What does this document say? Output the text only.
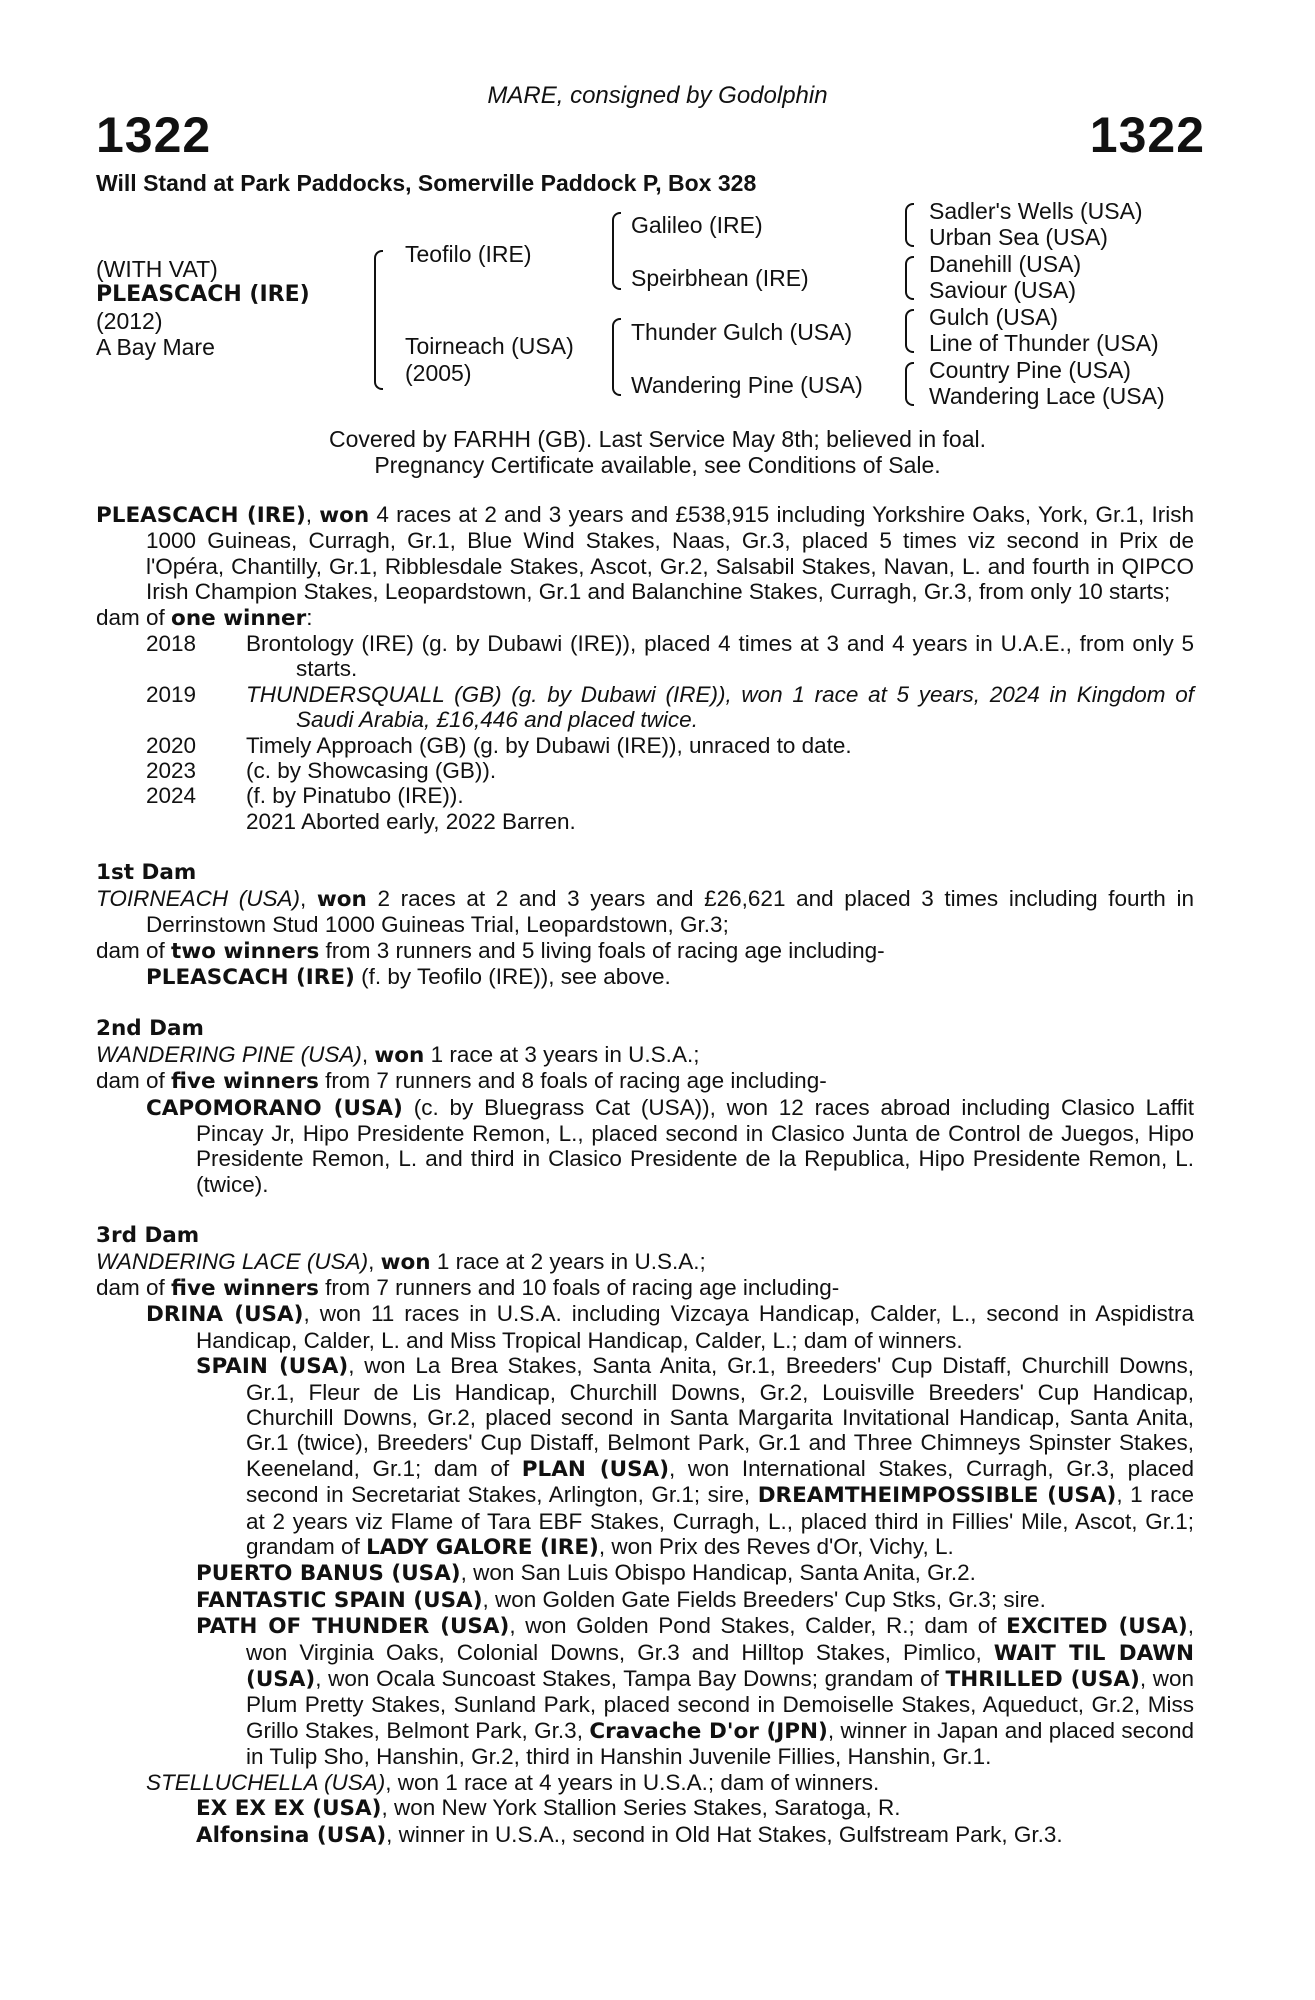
MARE, consigned by Godolphin
1322	1322
Will Stand at Park Paddocks, Somerville Paddock P, Box 328
(WITH VAT)
PLEASCACH (IRE)
(2012)
A Bay Mare
Teofilo (IRE)
Toirneach (USA)
(2005)
Galileo (IRE)
Speirbhean (IRE)
Thunder Gulch (USA)
Wandering Pine (USA)
Sadler's Wells (USA)
Urban Sea (USA)
Danehill (USA)
Saviour (USA)
Gulch (USA)
Line of Thunder (USA)
Country Pine (USA)
Wandering Lace (USA)
Covered by FARHH (GB). Last Service May 8th; believed in foal.
Pregnancy Certificate available, see Conditions of Sale.

PLEASCACH (IRE), won 4 races at 2 and 3 years and £538,915 including Yorkshire Oaks, York, Gr.1, Irish 1000 Guineas, Curragh, Gr.1, Blue Wind Stakes, Naas, Gr.3, placed 5 times viz second in Prix de l'Opéra, Chantilly, Gr.1, Ribblesdale Stakes, Ascot, Gr.2, Salsabil Stakes, Navan, L. and fourth in QIPCO Irish Champion Stakes, Leopardstown, Gr.1 and Balanchine Stakes, Curragh, Gr.3, from only 10 starts;

dam of one winner:

2018	Brontology (IRE) (g. by Dubawi (IRE)), placed 4 times at 3 and 4 years in U.A.E., from only 5 starts.
2019	THUNDERSQUALL (GB) (g. by Dubawi (IRE)), won 1 race at 5 years, 2024 in Kingdom of Saudi Arabia, £16,446 and placed twice.
2020	Timely Approach (GB) (g. by Dubawi (IRE)), unraced to date.
2023	(c. by Showcasing (GB)).
2024	(f. by Pinatubo (IRE)).
2021 Aborted early, 2022 Barren.

1st Dam

TOIRNEACH (USA), won 2 races at 2 and 3 years and £26,621 and placed 3 times including fourth in Derrinstown Stud 1000 Guineas Trial, Leopardstown, Gr.3;

dam of two winners from 3 runners and 5 living foals of racing age including-

PLEASCACH (IRE) (f. by Teofilo (IRE)), see above.

2nd Dam

WANDERING PINE (USA), won 1 race at 3 years in U.S.A.;

dam of five winners from 7 runners and 8 foals of racing age including-

CAPOMORANO (USA) (c. by Bluegrass Cat (USA)), won 12 races abroad including Clasico Laffit Pincay Jr, Hipo Presidente Remon, L., placed second in Clasico Junta de Control de Juegos, Hipo Presidente Remon, L. and third in Clasico Presidente de la Republica, Hipo Presidente Remon, L. (twice).

3rd Dam

WANDERING LACE (USA), won 1 race at 2 years in U.S.A.;

dam of five winners from 7 runners and 10 foals of racing age including-

DRINA (USA), won 11 races in U.S.A. including Vizcaya Handicap, Calder, L., second in Aspidistra Handicap, Calder, L. and Miss Tropical Handicap, Calder, L.; dam of winners.

SPAIN (USA), won La Brea Stakes, Santa Anita, Gr.1, Breeders' Cup Distaff, Churchill Downs, Gr.1, Fleur de Lis Handicap, Churchill Downs, Gr.2, Louisville Breeders' Cup Handicap, Churchill Downs, Gr.2, placed second in Santa Margarita Invitational Handicap, Santa Anita, Gr.1 (twice), Breeders' Cup Distaff, Belmont Park, Gr.1 and Three Chimneys Spinster Stakes, Keeneland, Gr.1; dam of PLAN (USA), won International Stakes, Curragh, Gr.3, placed second in Secretariat Stakes, Arlington, Gr.1; sire, DREAMTHEIMPOSSIBLE (USA), 1 race at 2 years viz Flame of Tara EBF Stakes, Curragh, L., placed third in Fillies' Mile, Ascot, Gr.1; grandam of LADY GALORE (IRE), won Prix des Reves d'Or, Vichy, L.

PUERTO BANUS (USA), won San Luis Obispo Handicap, Santa Anita, Gr.2.

FANTASTIC SPAIN (USA), won Golden Gate Fields Breeders' Cup Stks, Gr.3; sire.

PATH OF THUNDER (USA), won Golden Pond Stakes, Calder, R.; dam of EXCITED (USA), won Virginia Oaks, Colonial Downs, Gr.3 and Hilltop Stakes, Pimlico, WAIT TIL DAWN (USA), won Ocala Suncoast Stakes, Tampa Bay Downs; grandam of THRILLED (USA), won Plum Pretty Stakes, Sunland Park, placed second in Demoiselle Stakes, Aqueduct, Gr.2, Miss Grillo Stakes, Belmont Park, Gr.3, Cravache D'or (JPN), winner in Japan and placed second in Tulip Sho, Hanshin, Gr.2, third in Hanshin Juvenile Fillies, Hanshin, Gr.1.

STELLUCHELLA (USA), won 1 race at 4 years in U.S.A.; dam of winners.

EX EX EX (USA), won New York Stallion Series Stakes, Saratoga, R.

Alfonsina (USA), winner in U.S.A., second in Old Hat Stakes, Gulfstream Park, Gr.3.
